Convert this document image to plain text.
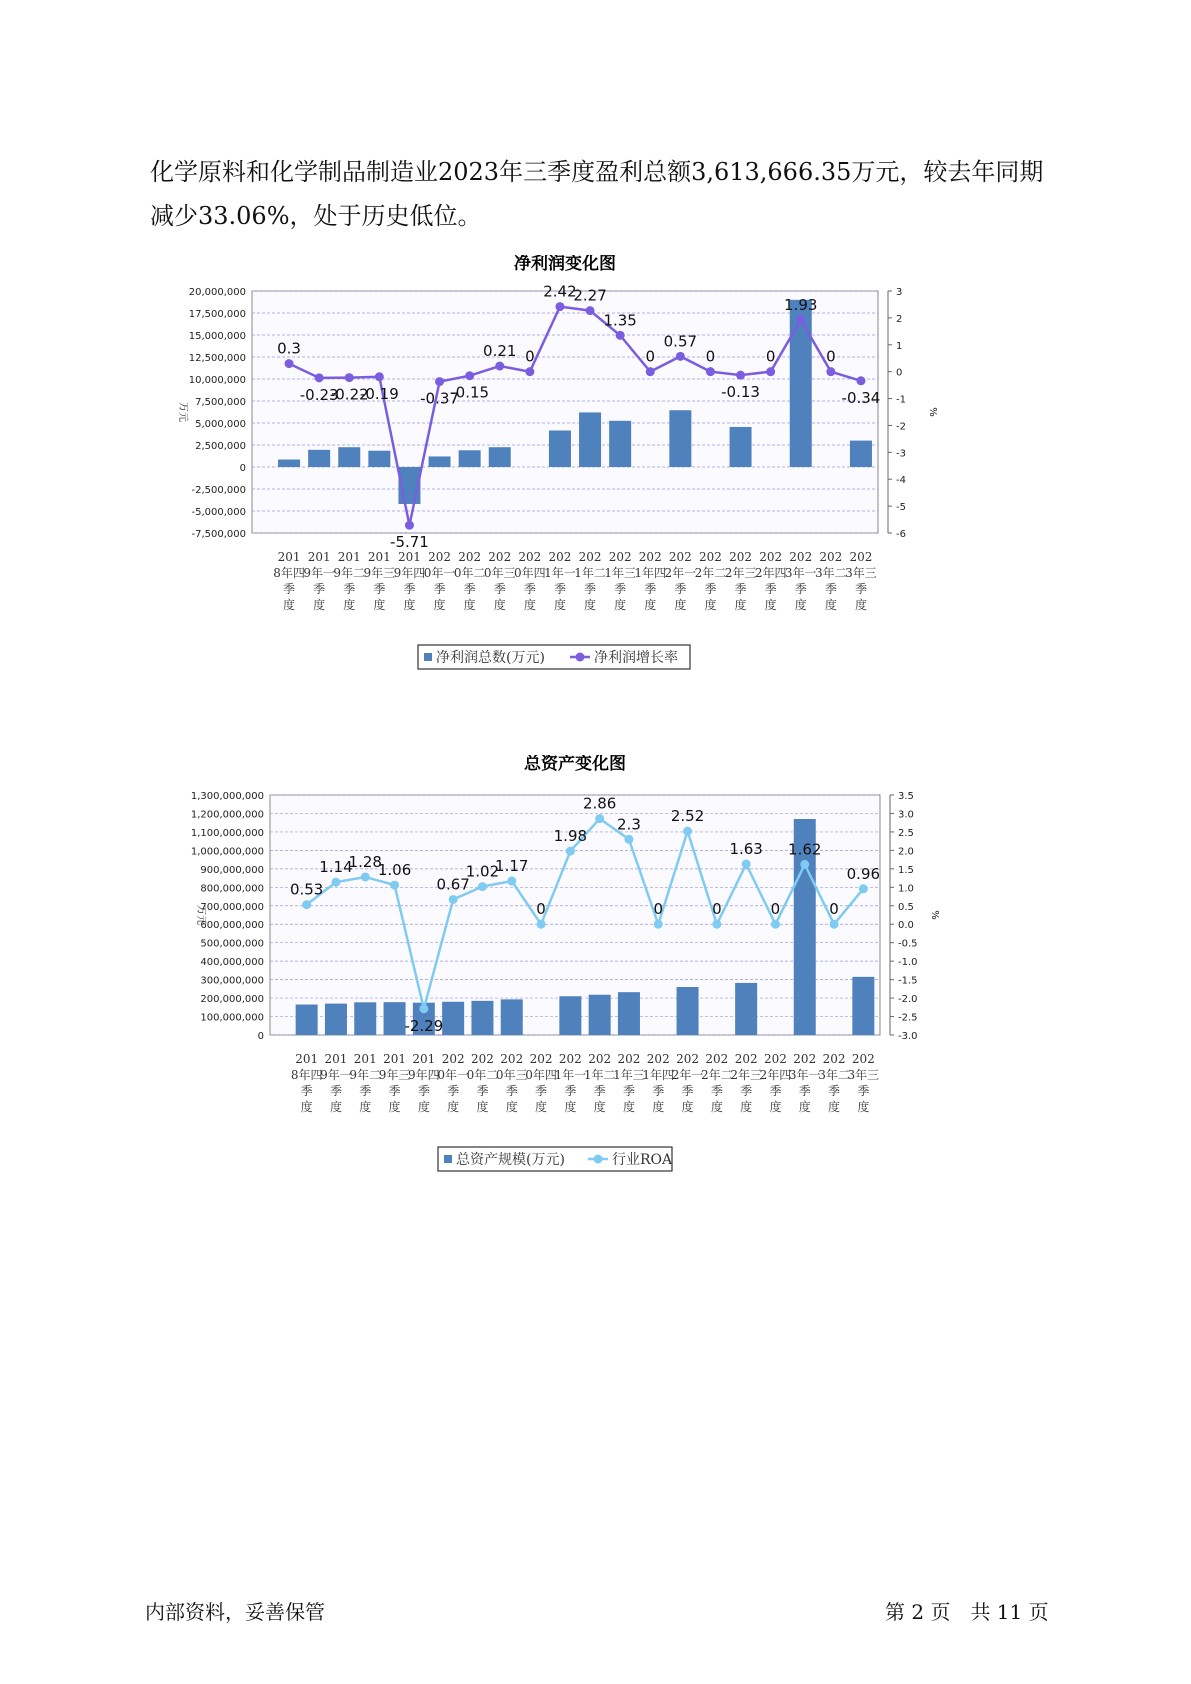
化学原料和化学制品制造业2023年三季度盈利总额3,613,666.35万元，较去年同期减少33.06%，处于历史低位。

净利润变化图
-7,500,000
-5,000,000
-2,500,000
0
2,500,000
5,000,000
7,500,000
10,000,000
12,500,000
15,000,000
17,500,000
20,000,000
-6
-5
-4
-3
-2
-1
0
1
2
3
万元	%
0.3
-0.23
-0.22
-0.19
-5.71
-0.37
-0.15
0.21 0
2.42
2.27
1.35
0
0.57
0
-0.13
0
1.93
0
-0.34
201 8年四季度
201 9年一季度
201 9年二季度
201 9年三季度
201 9年四季度
202 0年一季度
202 0年二季度
202 0年三季度
202 0年四季度
202 1年一季度
202 1年二季度
202 1年三季度
202 1年四季度
202 2年一季度
202 2年二季度
202 2年三季度
202 2年四季度
202 3年一季度
202 3年二季度
202 3年三季度
净利润总数(万元)	净利润增长率
总资产变化图
0
100,000,000
200,000,000
300,000,000
400,000,000
500,000,000
600,000,000
700,000,000
800,000,000
900,000,000
1,000,000,000
1,100,000,000
1,200,000,000
1,300,000,000
-3.0
-2.5
-2.0
-1.5
-1.0
-0.5
0.0
0.5
1.0
1.5
2.0
2.5
3.0
3.5
万元	%
0.53
1.14
1.28
1.06
-2.29
0.67
1.02
1.17
0
1.98
2.86
2.3
0
2.52
0
1.63
0
1.62
0
0.96
201 8年四季度
201 9年一季度
201 9年二季度
201 9年三季度
201 9年四季度
202 0年一季度
202 0年二季度
202 0年三季度
202 0年四季度
202 1年一季度
202 1年二季度
202 1年三季度
202 1年四季度
202 2年一季度
202 2年二季度
202 2年三季度
202 2年四季度
202 3年一季度
202 3年二季度
202 3年三季度
总资产规模(万元)	行业ROA
内部资料，妥善保管	第 2 页　共 11 页
